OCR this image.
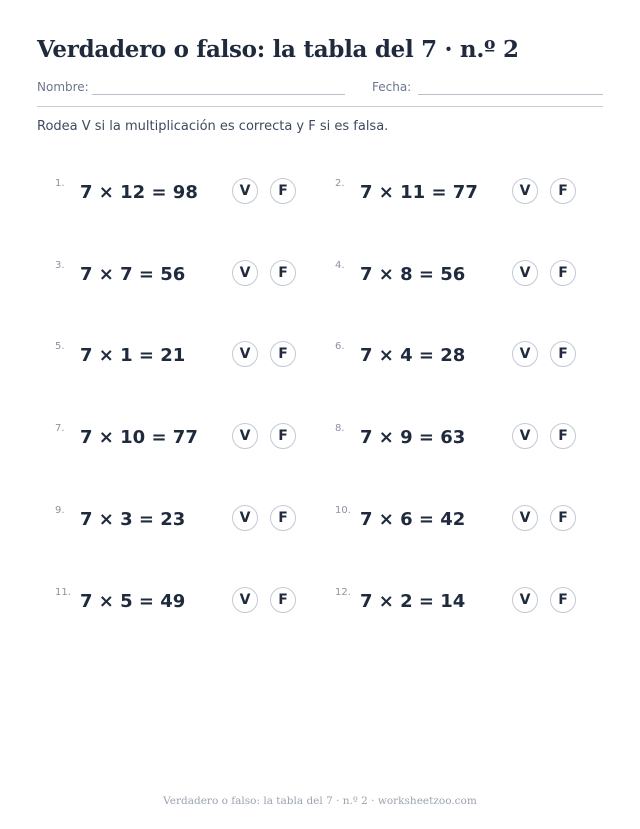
Verdadero o falso: la tabla del 7 · n.º 2
Nombre:	Fecha:
Rodea V si la multiplicación es correcta y F si es falsa.
1. 7 × 12 = 98	V	F	2. 7 × 11 = 77	V	F
3. 7 × 7 = 56	V	F	4. 7 × 8 = 56	V	F
5. 7 × 1 = 21	V	F	6. 7 × 4 = 28	V	F
7. 7 × 10 = 77	V	F	8. 7 × 9 = 63	V	F
9. 7 × 3 = 23	V	F	10. 7 × 6 = 42	V	F
11. 7 × 5 = 49	V	F	12. 7 × 2 = 14	V	F
Verdadero o falso: la tabla del 7 · n.º 2 · worksheetzoo.com
